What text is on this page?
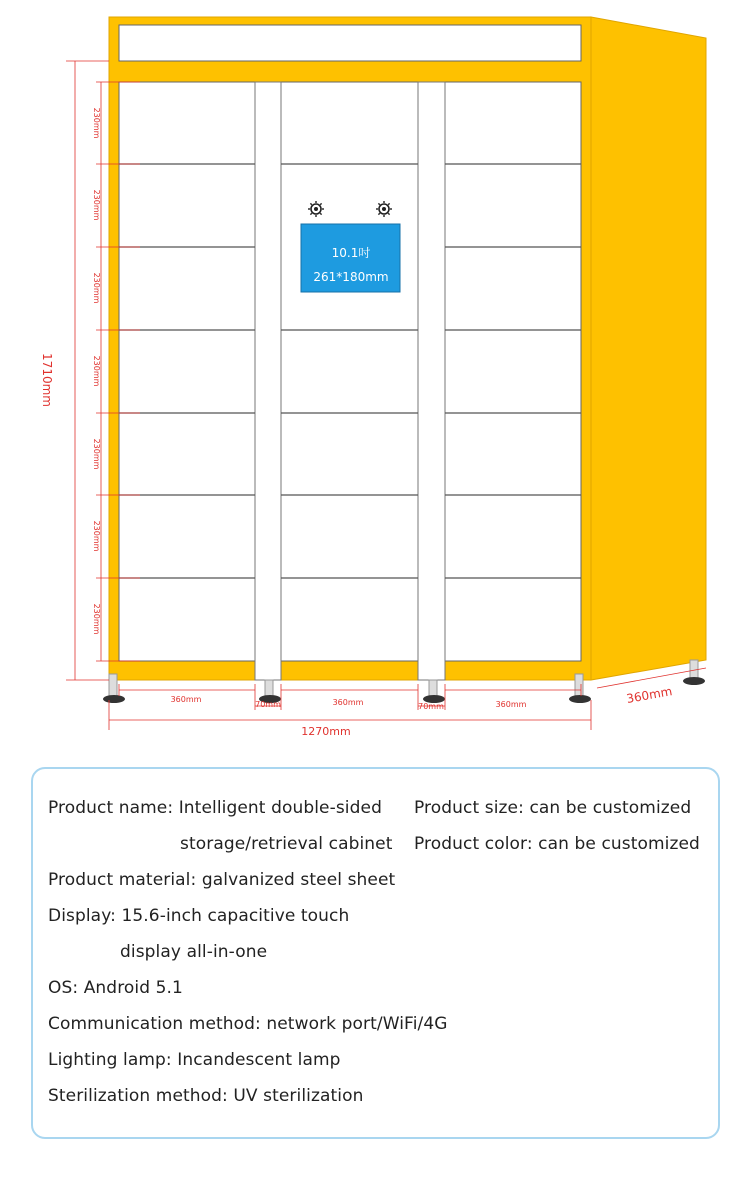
10.1吋
261*180mm
230mm
230mm
230mm
230mm
230mm
230mm
230mm
1710mm
360mm	360mm	360mm
70mm	70mm
1270mm
360mm
Product name: Intelligent double-sided
storage/retrieval cabinet
Product size: can be customized
Product color: can be customized
Product material: galvanized steel sheet
Display: 15.6-inch capacitive touch
display all-in-one
OS: Android 5.1
Communication method: network port/WiFi/4G
Lighting lamp: Incandescent lamp
Sterilization method: UV sterilization
